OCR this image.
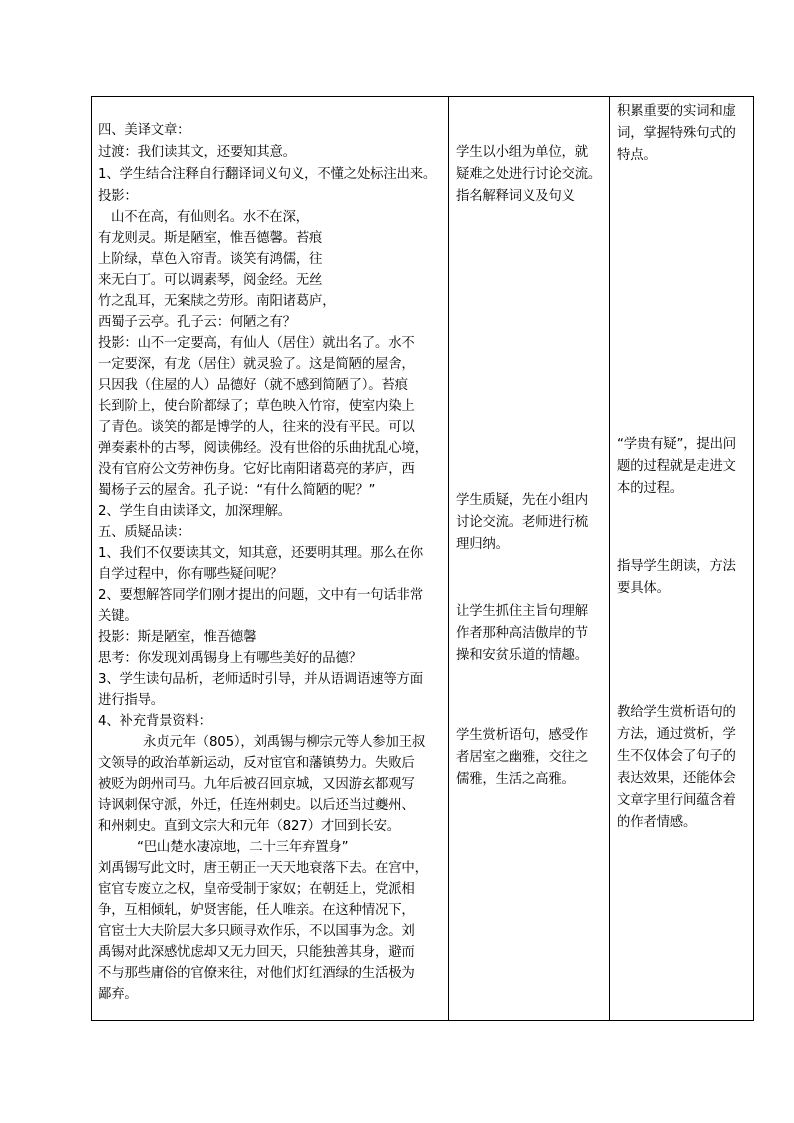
四、美译文章：
过渡：我们读其文，还要知其意。
1、学生结合注释自行翻译词义句义，不懂之处标注出来。
投影：
山不在高，有仙则名。水不在深，
有龙则灵。斯是陋室，惟吾德馨。苔痕
上阶绿，草色入帘青。谈笑有鸿儒，往
来无白丁。可以调素琴，阅金经。无丝
竹之乱耳，无案牍之劳形。南阳诸葛庐，
西蜀子云亭。孔子云：何陋之有？
投影：山不一定要高，有仙人（居住）就出名了。水不
一定要深，有龙（居住）就灵验了。这是简陋的屋舍，
只因我（住屋的人）品德好（就不感到简陋了）。苔痕
长到阶上，使台阶都绿了；草色映入竹帘，使室内染上
了青色。谈笑的都是博学的人，往来的没有平民。可以
弹奏素朴的古琴，阅读佛经。没有世俗的乐曲扰乱心境，
没有官府公文劳神伤身。它好比南阳诸葛亮的茅庐，西
蜀杨子云的屋舍。孔子说：“有什么简陋的呢？”
2、学生自由读译文，加深理解。
五、质疑品读：
1、我们不仅要读其文，知其意，还要明其理。那么在你
自学过程中，你有哪些疑问呢？
2、要想解答同学们刚才提出的问题，文中有一句话非常
关键。
投影：斯是陋室，惟吾德馨
思考：你发现刘禹锡身上有哪些美好的品德？
3、学生读句品析，老师适时引导，并从语调语速等方面
进行指导。
4、补充背景资料：
永贞元年（805），刘禹锡与柳宗元等人参加王叔
文领导的政治革新运动，反对宦官和藩镇势力。失败后
被贬为朗州司马。九年后被召回京城，又因游玄都观写
诗讽刺保守派，外迁，任连州刺史。以后还当过夔州、
和州刺史。直到文宗大和元年（827）才回到长安。
“巴山楚水凄凉地，二十三年弃置身”
刘禹锡写此文时，唐王朝正一天天地衰落下去。在宫中，
宦官专废立之权，皇帝受制于家奴；在朝廷上，党派相
争，互相倾轧，妒贤害能，任人唯亲。在这种情况下，
官宦士大夫阶层大多只顾寻欢作乐，不以国事为念。刘
禹锡对此深感忧虑却又无力回天，只能独善其身，避而
不与那些庸俗的官僚来往，对他们灯红酒绿的生活极为
鄙弃。
学生以小组为单位，就
疑难之处进行讨论交流。
指名解释词义及句义
学生质疑，先在小组内
讨论交流。老师进行梳
理归纳。
让学生抓住主旨句理解
作者那种高洁傲岸的节
操和安贫乐道的情趣。
学生赏析语句，感受作
者居室之幽雅，交往之
儒雅，生活之高雅。
积累重要的实词和虚
词，掌握特殊句式的
特点。
“学贵有疑”，提出问
题的过程就是走进文
本的过程。
指导学生朗读，方法
要具体。
教给学生赏析语句的
方法，通过赏析，学
生不仅体会了句子的
表达效果，还能体会
文章字里行间蕴含着
的作者情感。
